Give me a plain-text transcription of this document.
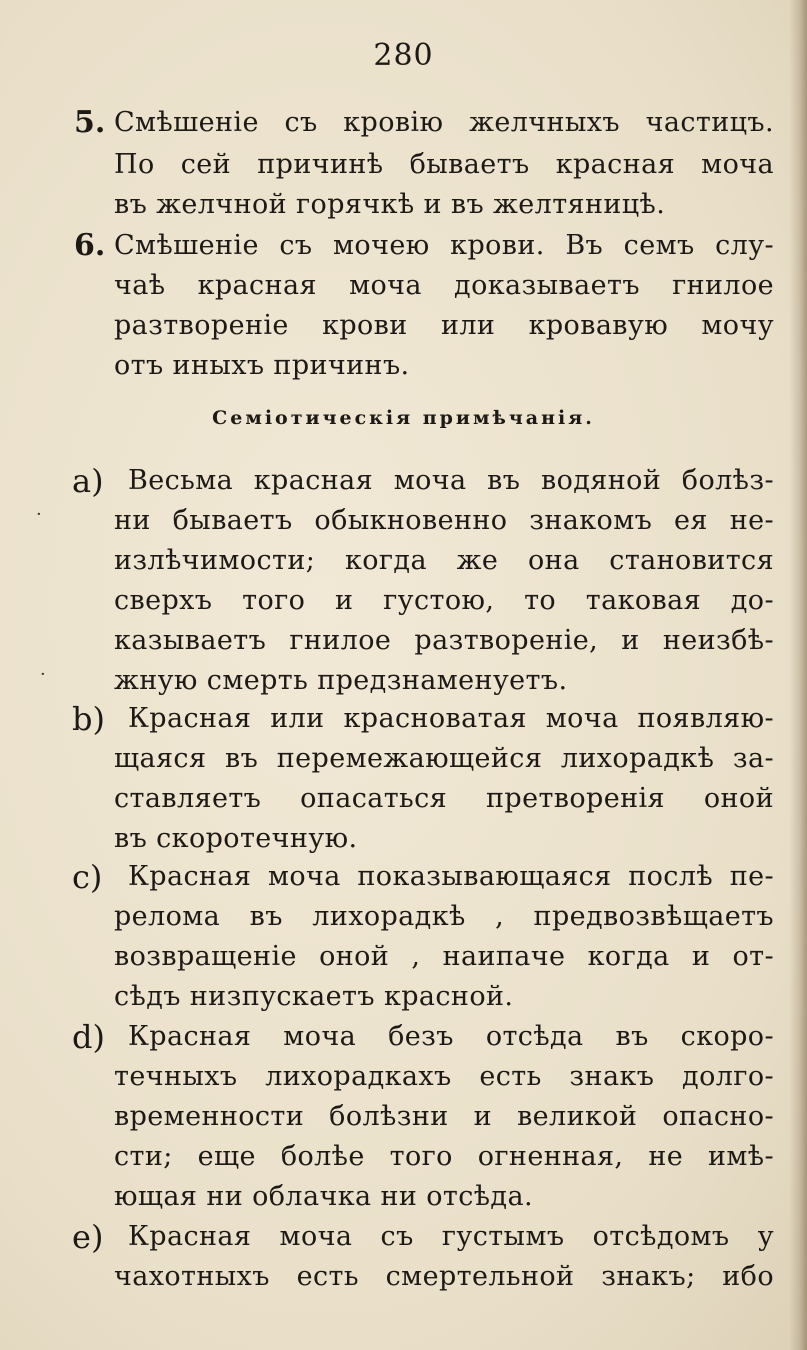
280
5. Смѣшеніе съ кровію желчныхъ частицъ.
По сей причинѣ бываетъ красная моча
въ желчной горячкѣ и въ желтяницѣ.
6. Смѣшеніе съ мочею крови. Въ семъ слу-
чаѣ красная моча доказываетъ гнилое
разтвореніе крови или кровавую мочу
отъ иныхъ причинъ.
Семіотическія примѣчанія.
a) Весьма красная моча въ водяной болѣз-
ни бываетъ обыкновенно знакомъ ея не-
излѣчимости; когда же она становится
сверхъ того и густою, то таковая до-
казываетъ гнилое разтвореніе, и неизбѣ-
жную смерть предзнаменуетъ.
b) Красная или красноватая моча появляю-
щаяся въ перемежающейся лихорадкѣ за-
ставляетъ опасаться претворенія оной
въ скоротечную.
c) Красная моча показывающаяся послѣ пе-
релома въ лихорадкѣ , предвозвѣщаетъ
возвращеніе оной , наипаче когда и от-
сѣдъ низпускаетъ красной.
d) Красная моча безъ отсѣда въ скоро-
течныхъ лихорадкахъ есть знакъ долго-
временности болѣзни и великой опасно-
сти; еще болѣе того огненная, не имѣ-
ющая ни облачка ни отсѣда.
e) Красная моча съ густымъ отсѣдомъ у
чахотныхъ есть смертельной знакъ; ибо
·
·
